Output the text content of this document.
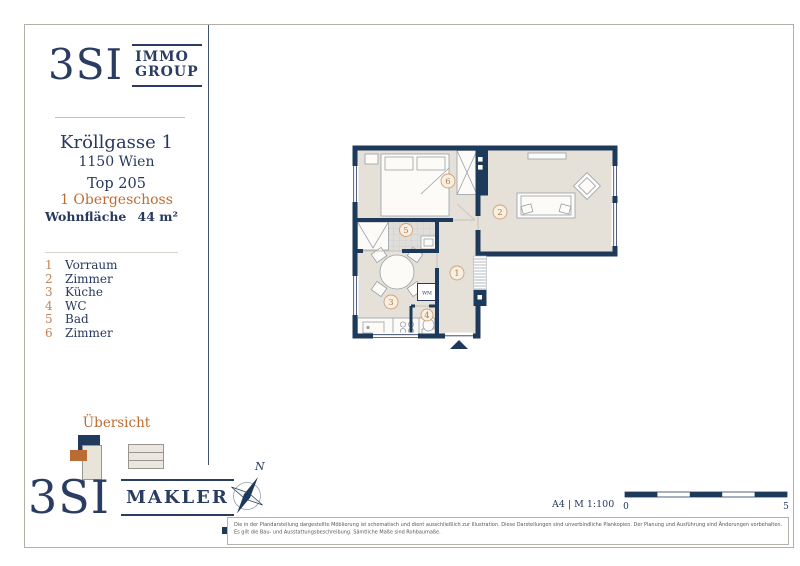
3SI IMMO
GROUP
Kröllgasse 1
1150 Wien
Top 205
1 Obergeschoss
Wohnfläche 44 m²
1	Vorraum
2	Zimmer
3	Küche
4	WC
5	Bad
6	Zimmer
Übersicht
3SI MAKLER
WM
1
2
3
4
5
6
N
A4 | M 1:100 0	5
Die in der Plandarstellung dargestellte Möblierung ist schematisch und dient ausschließlich zur Illustration. Diese Darstellungen sind unverbindliche Plankopien. Der Planung und Ausführung sind Änderungen vorbehalten.
Es gilt die Bau- und Ausstattungsbeschreibung. Sämtliche Maße sind Rohbaumaße.
